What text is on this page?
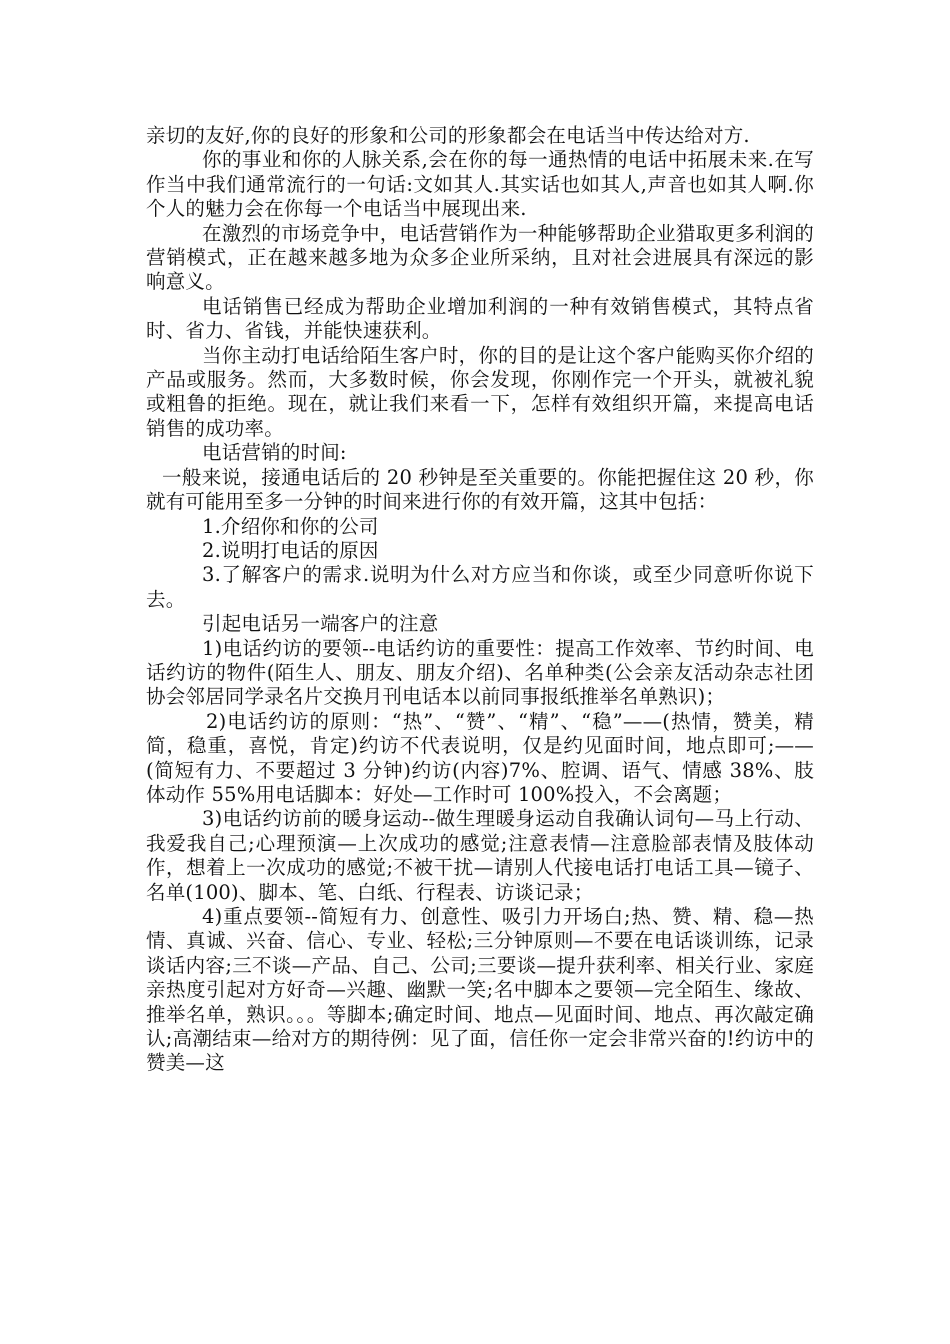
亲切的友好,你的良好的形象和公司的形象都会在电话当中传达给对方.

你的事业和你的人脉关系,会在你的每一通热情的电话中拓展未来.在写作当中我们通常流行的一句话:文如其人.其实话也如其人,声音也如其人啊.你个人的魅力会在你每一个电话当中展现出来.

在激烈的市场竞争中，电话营销作为一种能够帮助企业猎取更多利润的营销模式，正在越来越多地为众多企业所采纳，且对社会进展具有深远的影响意义。

电话销售已经成为帮助企业增加利润的一种有效销售模式，其特点省时、省力、省钱，并能快速获利。

当你主动打电话给陌生客户时，你的目的是让这个客户能购买你介绍的产品或服务。然而，大多数时候，你会发现，你刚作完一个开头，就被礼貌或粗鲁的拒绝。现在，就让我们来看一下，怎样有效组织开篇，来提高电话销售的成功率。

电话营销的时间:

一般来说，接通电话后的 20 秒钟是至关重要的。你能把握住这 20 秒，你就有可能用至多一分钟的时间来进行你的有效开篇，这其中包括：

1.介绍你和你的公司

2.说明打电话的原因

3.了解客户的需求.说明为什么对方应当和你谈，或至少同意听你说下去。

引起电话另一端客户的注意

1)电话约访的要领--电话约访的重要性：提高工作效率、节约时间、电话约访的物件(陌生人、朋友、朋友介绍)、名单种类(公会亲友活动杂志社团协会邻居同学录名片交换月刊电话本以前同事报纸推举名单熟识)；

2)电话约访的原则：“热”、“赞”、“精”、“稳”——(热情，赞美，精简，稳重，喜悦，肯定)约访不代表说明，仅是约见面时间，地点即可;——(简短有力、不要超过 3 分钟)约访(内容)7%、腔调、语气、情感 38%、肢体动作 55%用电话脚本：好处—工作时可 100%投入，不会离题；

3)电话约访前的暖身运动--做生理暖身运动自我确认词句—马上行动、我爱我自己;心理预演—上次成功的感觉;注意表情—注意脸部表情及肢体动作，想着上一次成功的感觉;不被干扰—请别人代接电话打电话工具—镜子、名单(100)、脚本、笔、白纸、行程表、访谈记录；

4)重点要领--简短有力、创意性、吸引力开场白;热、赞、精、稳—热情、真诚、兴奋、信心、专业、轻松;三分钟原则—不要在电话谈训练，记录谈话内容;三不谈—产品、自己、公司;三要谈—提升获利率、相关行业、家庭亲热度引起对方好奇—兴趣、幽默一笑;名中脚本之要领—完全陌生、缘故、推举名单，熟识。。。等脚本;确定时间、地点—见面时间、地点、再次敲定确认;高潮结束—给对方的期待例：见了面，信任你一定会非常兴奋的!约访中的赞美—这
